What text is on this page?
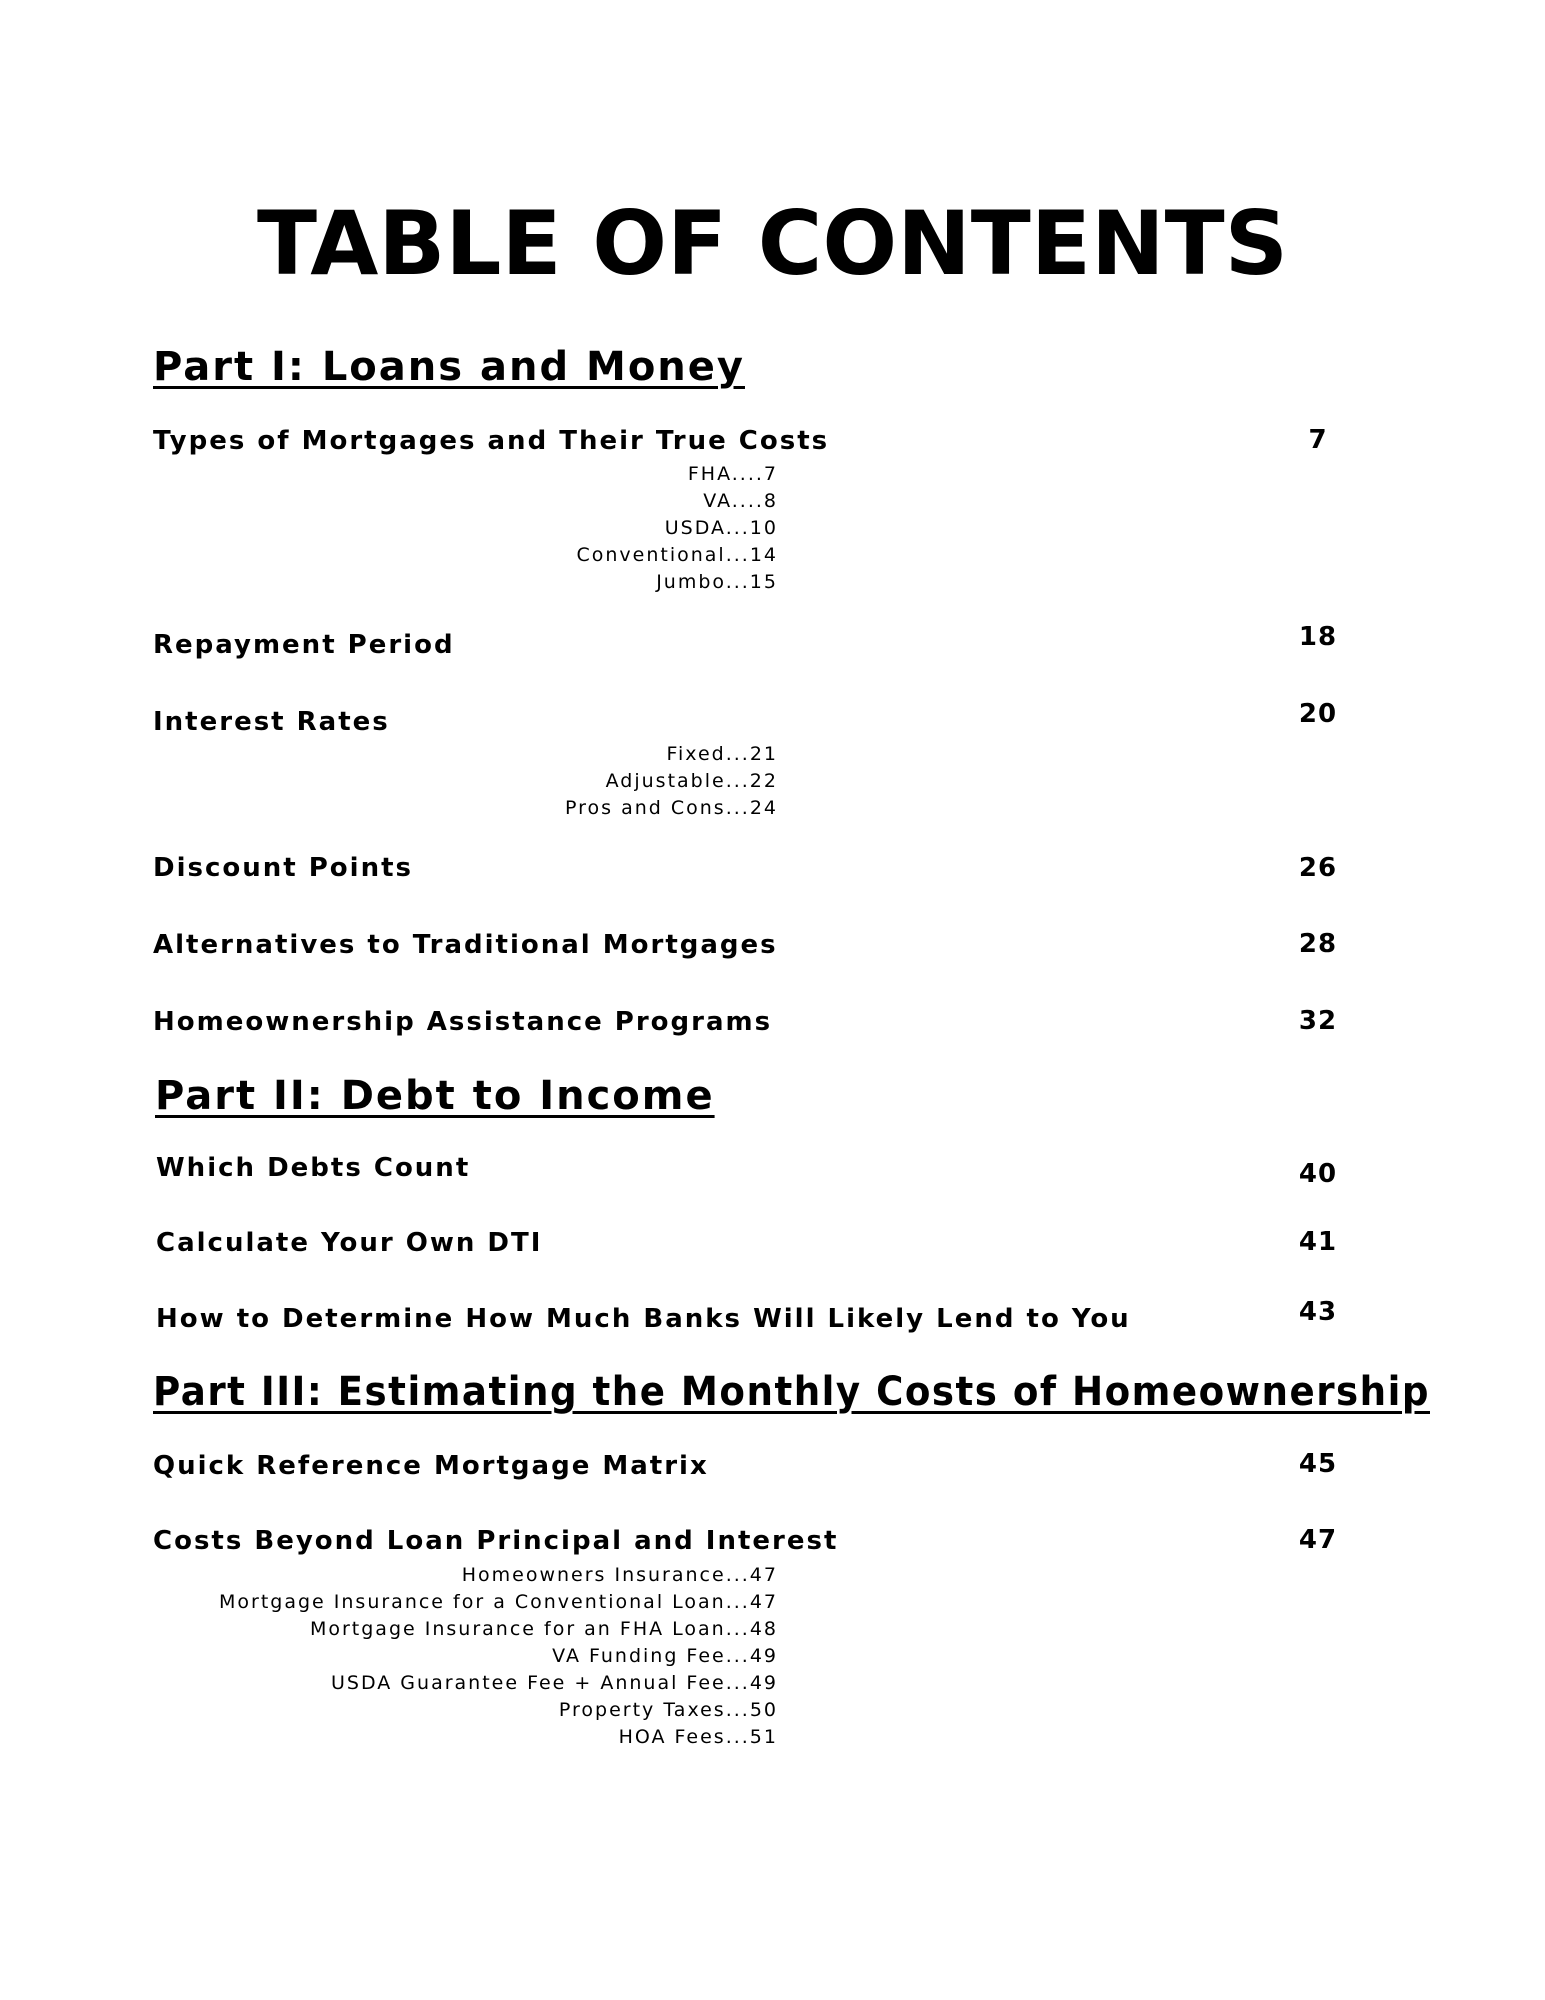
TABLE OF CONTENTS
Part I: Loans and Money
Types of Mortgages and Their True Costs	7
FHA....7
VA....8
USDA...10
Conventional...14
Jumbo...15
Repayment Period	18
Interest Rates	20
Fixed...21
Adjustable...22
Pros and Cons...24
Discount Points	26
Alternatives to Traditional Mortgages	28
Homeownership Assistance Programs	32
Part II: Debt to Income
Which Debts Count	40
Calculate Your Own DTI	41
How to Determine How Much Banks Will Likely Lend to You	43
Part III: Estimating the Monthly Costs of Homeownership
Quick Reference Mortgage Matrix	45
Costs Beyond Loan Principal and Interest	47
Homeowners Insurance...47
Mortgage Insurance for a Conventional Loan...47
Mortgage Insurance for an FHA Loan...48
VA Funding Fee...49
USDA Guarantee Fee + Annual Fee...49
Property Taxes...50
HOA Fees...51
